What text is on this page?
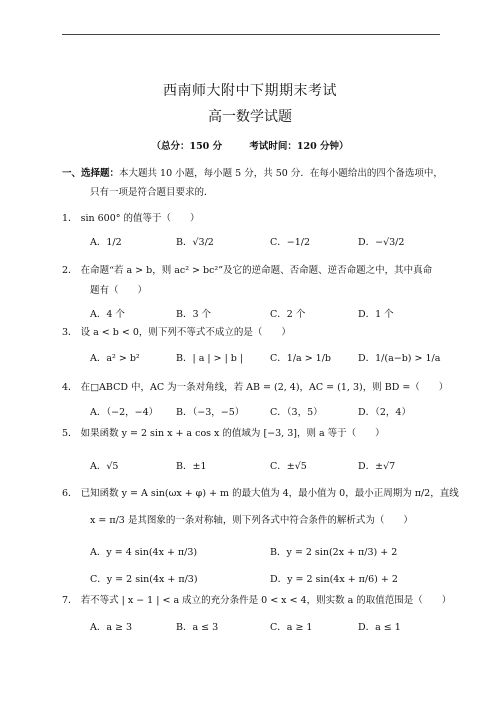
西南师大附中下期期末考试
高一数学试题
（总分：150 分	考试时间：120 分钟）
一、选择题：本大题共 10 小题，每小题 5 分，共 50 分．在每小题给出的四个备选项中，
只有一项是符合题目要求的．
1． sin 600° 的值等于（　　）
A．1/2	B．√3/2	C．−1/2	D．−√3/2
2． 在命题“若 a > b，则 ac² > bc²”及它的逆命题、否命题、逆否命题之中，其中真命
题有（　　）
A．4 个	B．3 个	C．2 个	D．1 个
3． 设 a < b < 0，则下列不等式不成立的是（　　）
A．a² > b²	B．| a | > | b |	C．1/a > 1/b	D．1/(a−b) > 1/a
4． 在□ABCD 中，AC 为一条对角线，若 AB = (2, 4)，AC = (1, 3)，则 BD =（　　）
A．（−2，−4） B．（−3，−5）	C．（3，5）	D．（2，4）
5． 如果函数 y = 2 sin x + a cos x 的值域为 [−3, 3]，则 a 等于（　　）
A．√5	B．±1	C．±√5	D．±√7
6． 已知函数 y = A sin(ωx + φ) + m 的最大值为 4，最小值为 0，最小正周期为 π/2，直线
x = π/3 是其图象的一条对称轴，则下列各式中符合条件的解析式为（　　）
A．y = 4 sin(4x + π/3)	B．y = 2 sin(2x + π/3) + 2
C．y = 2 sin(4x + π/3)	D．y = 2 sin(4x + π/6) + 2
7． 若不等式 | x − 1 | < a 成立的充分条件是 0 < x < 4，则实数 a 的取值范围是（　　）
A．a ≥ 3	B．a ≤ 3	C．a ≥ 1	D．a ≤ 1
